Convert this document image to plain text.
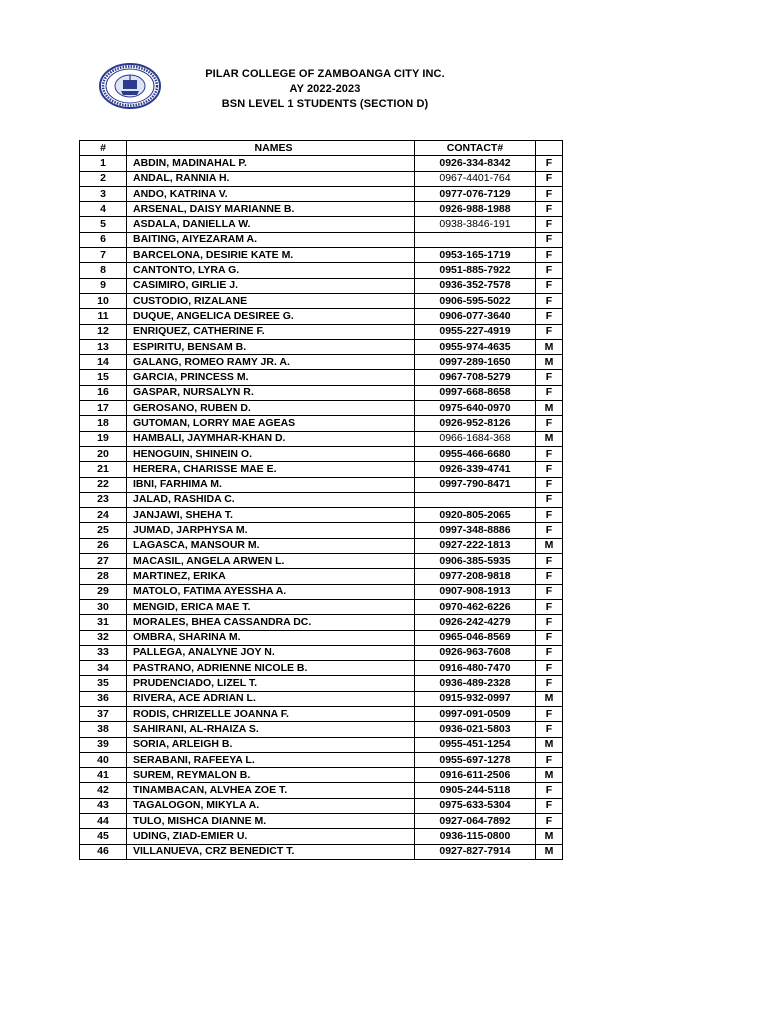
PILAR COLLEGE OF ZAMBOANGA CITY INC.
AY 2022-2023
BSN LEVEL 1 STUDENTS (SECTION D)
#	NAMES	CONTACT#	
1	ABDIN, MADINAHAL P.	0926-334-8342	F
2	ANDAL, RANNIA H.	0967-4401-764	F
3	ANDO, KATRINA V.	0977-076-7129	F
4	ARSENAL, DAISY MARIANNE B.	0926-988-1988	F
5	ASDALA, DANIELLA W.	0938-3846-191	F
6	BAITING, AIYEZARAM A.		F
7	BARCELONA, DESIRIE KATE M.	0953-165-1719	F
8	CANTONTO, LYRA G.	0951-885-7922	F
9	CASIMIRO, GIRLIE J.	0936-352-7578	F
10	CUSTODIO, RIZALANE	0906-595-5022	F
11	DUQUE, ANGELICA DESIREE G.	0906-077-3640	F
12	ENRIQUEZ, CATHERINE F.	0955-227-4919	F
13	ESPIRITU, BENSAM B.	0955-974-4635	M
14	GALANG, ROMEO RAMY JR. A.	0997-289-1650	M
15	GARCIA, PRINCESS M.	0967-708-5279	F
16	GASPAR, NURSALYN R.	0997-668-8658	F
17	GEROSANO, RUBEN D.	0975-640-0970	M
18	GUTOMAN, LORRY MAE AGEAS	0926-952-8126	F
19	HAMBALI, JAYMHAR-KHAN D.	0966-1684-368	M
20	HENOGUIN, SHINEIN O.	0955-466-6680	F
21	HERERA, CHARISSE MAE E.	0926-339-4741	F
22	IBNI, FARHIMA M.	0997-790-8471	F
23	JALAD, RASHIDA C.		F
24	JANJAWI, SHEHA T.	0920-805-2065	F
25	JUMAD, JARPHYSA M.	0997-348-8886	F
26	LAGASCA, MANSOUR M.	0927-222-1813	M
27	MACASIL, ANGELA ARWEN L.	0906-385-5935	F
28	MARTINEZ, ERIKA	0977-208-9818	F
29	MATOLO, FATIMA AYESSHA A.	0907-908-1913	F
30	MENGID, ERICA MAE T.	0970-462-6226	F
31	MORALES, BHEA CASSANDRA DC.	0926-242-4279	F
32	OMBRA, SHARINA M.	0965-046-8569	F
33	PALLEGA, ANALYNE JOY N.	0926-963-7608	F
34	PASTRANO, ADRIENNE NICOLE B.	0916-480-7470	F
35	PRUDENCIADO, LIZEL T.	0936-489-2328	F
36	RIVERA, ACE ADRIAN L.	0915-932-0997	M
37	RODIS, CHRIZELLE JOANNA F.	0997-091-0509	F
38	SAHIRANI, AL-RHAIZA S.	0936-021-5803	F
39	SORIA, ARLEIGH B.	0955-451-1254	M
40	SERABANI, RAFEEYA L.	0955-697-1278	F
41	SUREM, REYMALON B.	0916-611-2506	M
42	TINAMBACAN, ALVHEA ZOE T.	0905-244-5118	F
43	TAGALOGON, MIKYLA A.	0975-633-5304	F
44	TULO, MISHCA DIANNE M.	0927-064-7892	F
45	UDING, ZIAD-EMIER U.	0936-115-0800	M
46	VILLANUEVA, CRZ BENEDICT T.	0927-827-7914	M
